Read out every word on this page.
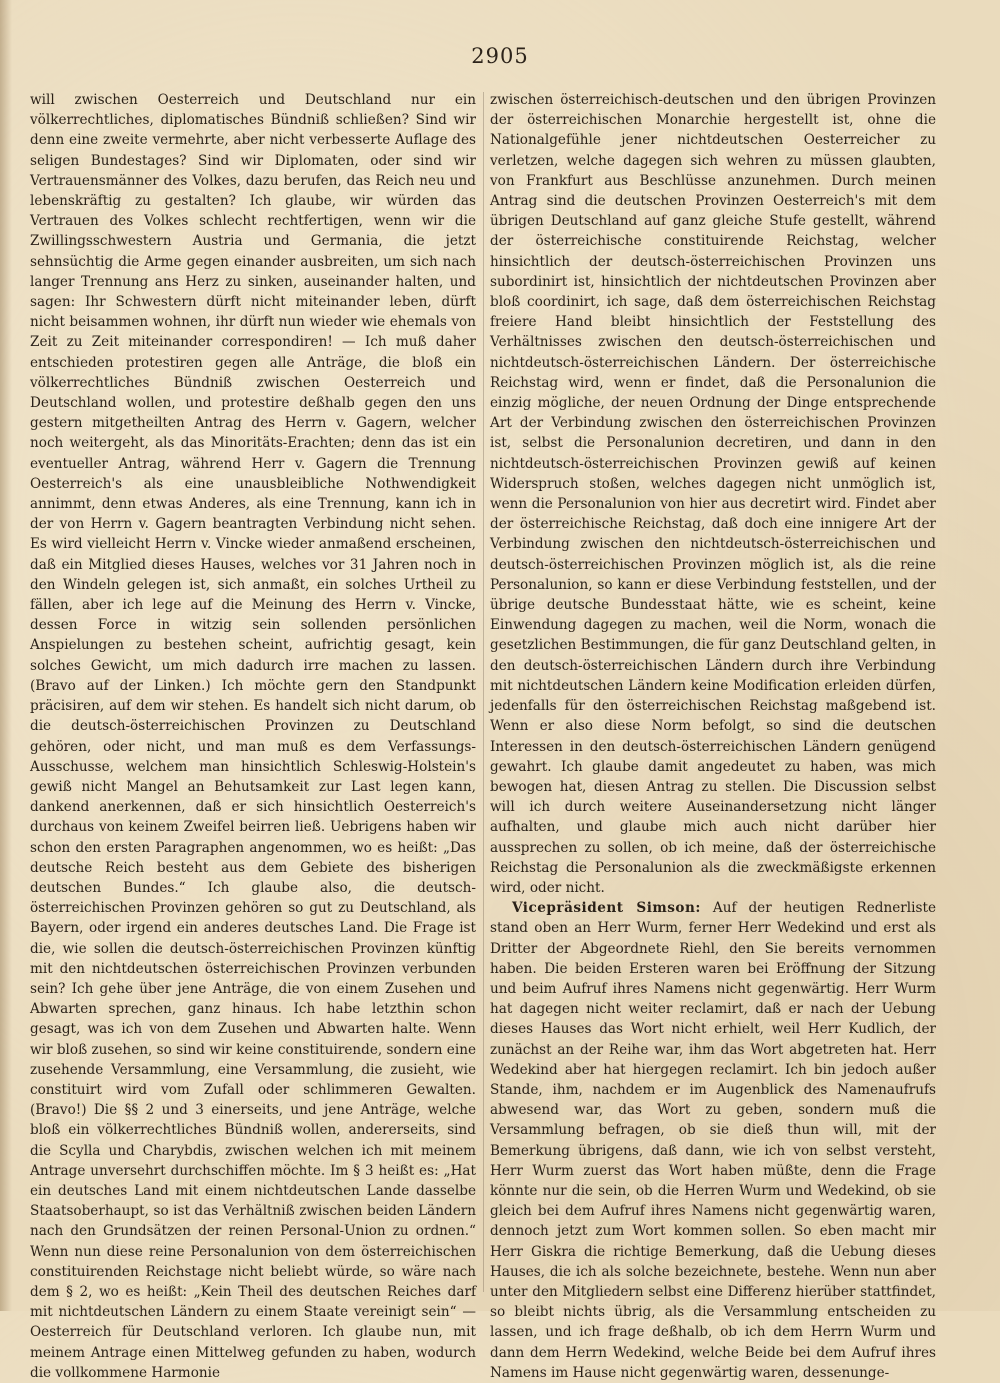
2905

will zwischen Oesterreich und Deutschland nur ein völkerrechtliches, diplomatisches Bündniß schließen? Sind wir denn eine zweite vermehrte, aber nicht verbesserte Auflage des seligen Bundestages? Sind wir Diplomaten, oder sind wir Vertrauensmänner des Volkes, dazu berufen, das Reich neu und lebenskräftig zu gestalten? Ich glaube, wir würden das Vertrauen des Volkes schlecht rechtfertigen, wenn wir die Zwillingsschwestern Austria und Germania, die jetzt sehnsüchtig die Arme gegen einander ausbreiten, um sich nach langer Trennung ans Herz zu sinken, auseinander halten, und sagen: Ihr Schwestern dürft nicht miteinander leben, dürft nicht beisammen wohnen, ihr dürft nun wieder wie ehemals von Zeit zu Zeit miteinander correspondiren! — Ich muß daher entschieden protestiren gegen alle Anträge, die bloß ein völkerrechtliches Bündniß zwischen Oesterreich und Deutschland wollen, und protestire deßhalb gegen den uns gestern mitgetheilten Antrag des Herrn v. Gagern, welcher noch weitergeht, als das Minoritäts-Erachten; denn das ist ein eventueller Antrag, während Herr v. Gagern die Trennung Oesterreich's als eine unausbleibliche Nothwendigkeit annimmt, denn etwas Anderes, als eine Trennung, kann ich in der von Herrn v. Gagern beantragten Verbindung nicht sehen. Es wird vielleicht Herrn v. Vincke wieder anmaßend erscheinen, daß ein Mitglied dieses Hauses, welches vor 31 Jahren noch in den Windeln gelegen ist, sich anmaßt, ein solches Urtheil zu fällen, aber ich lege auf die Meinung des Herrn v. Vincke, dessen Force in witzig sein sollenden persönlichen Anspielungen zu bestehen scheint, aufrichtig gesagt, kein solches Gewicht, um mich dadurch irre machen zu lassen. (Bravo auf der Linken.) Ich möchte gern den Standpunkt präcisiren, auf dem wir stehen. Es handelt sich nicht darum, ob die deutsch-österreichischen Provinzen zu Deutschland gehören, oder nicht, und man muß es dem Verfassungs-Ausschusse, welchem man hinsichtlich Schleswig-Holstein's gewiß nicht Mangel an Behutsamkeit zur Last legen kann, dankend anerkennen, daß er sich hinsichtlich Oesterreich's durchaus von keinem Zweifel beirren ließ. Uebrigens haben wir schon den ersten Paragraphen angenommen, wo es heißt: „Das deutsche Reich besteht aus dem Gebiete des bisherigen deutschen Bundes.“ Ich glaube also, die deutsch-österreichischen Provinzen gehören so gut zu Deutschland, als Bayern, oder irgend ein anderes deutsches Land. Die Frage ist die, wie sollen die deutsch-österreichischen Provinzen künftig mit den nichtdeutschen österreichischen Provinzen verbunden sein? Ich gehe über jene Anträge, die von einem Zusehen und Abwarten sprechen, ganz hinaus. Ich habe letzthin schon gesagt, was ich von dem Zusehen und Abwarten halte. Wenn wir bloß zusehen, so sind wir keine constituirende, sondern eine zusehende Versammlung, eine Versammlung, die zusieht, wie constituirt wird vom Zufall oder schlimmeren Gewalten. (Bravo!) Die §§ 2 und 3 einerseits, und jene Anträge, welche bloß ein völkerrechtliches Bündniß wollen, andererseits, sind die Scylla und Charybdis, zwischen welchen ich mit meinem Antrage unversehrt durchschiffen möchte. Im § 3 heißt es: „Hat ein deutsches Land mit einem nichtdeutschen Lande dasselbe Staatsoberhaupt, so ist das Verhältniß zwischen beiden Ländern nach den Grundsätzen der reinen Personal-Union zu ordnen.“ Wenn nun diese reine Personalunion von dem österreichischen constituirenden Reichstage nicht beliebt würde, so wäre nach dem § 2, wo es heißt: „Kein Theil des deutschen Reiches darf mit nichtdeutschen Ländern zu einem Staate vereinigt sein“ — Oesterreich für Deutschland verloren. Ich glaube nun, mit meinem Antrage einen Mittelweg gefunden zu haben, wodurch die vollkommene Harmonie

zwischen österreichisch-deutschen und den übrigen Provinzen der österreichischen Monarchie hergestellt ist, ohne die Nationalgefühle jener nichtdeutschen Oesterreicher zu verletzen, welche dagegen sich wehren zu müssen glaubten, von Frankfurt aus Beschlüsse anzunehmen. Durch meinen Antrag sind die deutschen Provinzen Oesterreich's mit dem übrigen Deutschland auf ganz gleiche Stufe gestellt, während der österreichische constituirende Reichstag, welcher hinsichtlich der deutsch-österreichischen Provinzen uns subordinirt ist, hinsichtlich der nichtdeutschen Provinzen aber bloß coordinirt, ich sage, daß dem österreichischen Reichstag freiere Hand bleibt hinsichtlich der Feststellung des Verhältnisses zwischen den deutsch-österreichischen und nichtdeutsch-österreichischen Ländern. Der österreichische Reichstag wird, wenn er findet, daß die Personalunion die einzig mögliche, der neuen Ordnung der Dinge entsprechende Art der Verbindung zwischen den österreichischen Provinzen ist, selbst die Personalunion decretiren, und dann in den nichtdeutsch-österreichischen Provinzen gewiß auf keinen Widerspruch stoßen, welches dagegen nicht unmöglich ist, wenn die Personalunion von hier aus decretirt wird. Findet aber der österreichische Reichstag, daß doch eine innigere Art der Verbindung zwischen den nichtdeutsch-österreichischen und deutsch-österreichischen Provinzen möglich ist, als die reine Personalunion, so kann er diese Verbindung feststellen, und der übrige deutsche Bundesstaat hätte, wie es scheint, keine Einwendung dagegen zu machen, weil die Norm, wonach die gesetzlichen Bestimmungen, die für ganz Deutschland gelten, in den deutsch-österreichischen Ländern durch ihre Verbindung mit nichtdeutschen Ländern keine Modification erleiden dürfen, jedenfalls für den österreichischen Reichstag maßgebend ist. Wenn er also diese Norm befolgt, so sind die deutschen Interessen in den deutsch-österreichischen Ländern genügend gewahrt. Ich glaube damit angedeutet zu haben, was mich bewogen hat, diesen Antrag zu stellen. Die Discussion selbst will ich durch weitere Auseinandersetzung nicht länger aufhalten, und glaube mich auch nicht darüber hier aussprechen zu sollen, ob ich meine, daß der österreichische Reichstag die Personalunion als die zweckmäßigste erkennen wird, oder nicht.

Vicepräsident Simson: Auf der heutigen Rednerliste stand oben an Herr Wurm, ferner Herr Wedekind und erst als Dritter der Abgeordnete Riehl, den Sie bereits vernommen haben. Die beiden Ersteren waren bei Eröffnung der Sitzung und beim Aufruf ihres Namens nicht gegenwärtig. Herr Wurm hat dagegen nicht weiter reclamirt, daß er nach der Uebung dieses Hauses das Wort nicht erhielt, weil Herr Kudlich, der zunächst an der Reihe war, ihm das Wort abgetreten hat. Herr Wedekind aber hat hiergegen reclamirt. Ich bin jedoch außer Stande, ihm, nachdem er im Augenblick des Namenaufrufs abwesend war, das Wort zu geben, sondern muß die Versammlung befragen, ob sie dieß thun will, mit der Bemerkung übrigens, daß dann, wie ich von selbst versteht, Herr Wurm zuerst das Wort haben müßte, denn die Frage könnte nur die sein, ob die Herren Wurm und Wedekind, ob sie gleich bei dem Aufruf ihres Namens nicht gegenwärtig waren, dennoch jetzt zum Wort kommen sollen. So eben macht mir Herr Giskra die richtige Bemerkung, daß die Uebung dieses Hauses, die ich als solche bezeichnete, bestehe. Wenn nun aber unter den Mitgliedern selbst eine Differenz hierüber stattfindet, so bleibt nichts übrig, als die Versammlung entscheiden zu lassen, und ich frage deßhalb, ob ich dem Herrn Wurm und dann dem Herrn Wedekind, welche Beide bei dem Aufruf ihres Namens im Hause nicht gegenwärtig waren, dessenunge-
